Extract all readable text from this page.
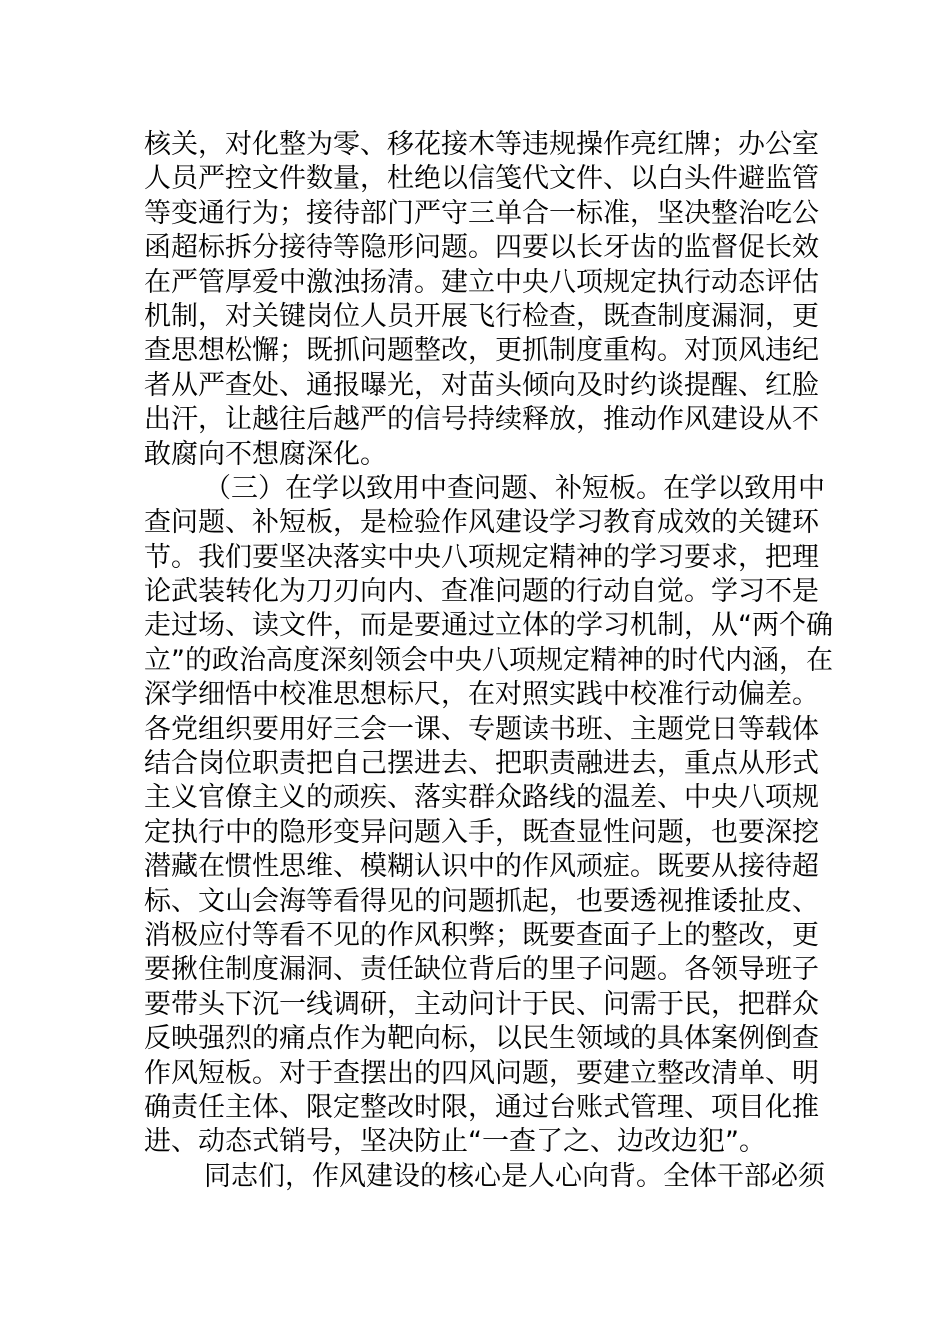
核关，对化整为零、移花接木等违规操作亮红牌；办公室
人员严控文件数量，杜绝以信笺代文件、以白头件避监管
等变通行为；接待部门严守三单合一标准，坚决整治吃公
函超标拆分接待等隐形问题。四要以长牙齿的监督促长效
在严管厚爱中激浊扬清。建立中央八项规定执行动态评估
机制，对关键岗位人员开展飞行检查，既查制度漏洞，更
查思想松懈；既抓问题整改，更抓制度重构。对顶风违纪
者从严查处、通报曝光，对苗头倾向及时约谈提醒、红脸
出汗，让越往后越严的信号持续释放，推动作风建设从不
敢腐向不想腐深化。
（三）在学以致用中查问题、补短板。在学以致用中
查问题、补短板，是检验作风建设学习教育成效的关键环
节。我们要坚决落实中央八项规定精神的学习要求，把理
论武装转化为刀刃向内、查准问题的行动自觉。学习不是
走过场、读文件，而是要通过立体的学习机制，从“两个确
立”的政治高度深刻领会中央八项规定精神的时代内涵，在
深学细悟中校准思想标尺，在对照实践中校准行动偏差。
各党组织要用好三会一课、专题读书班、主题党日等载体
结合岗位职责把自己摆进去、把职责融进去，重点从形式
主义官僚主义的顽疾、落实群众路线的温差、中央八项规
定执行中的隐形变异问题入手，既查显性问题，也要深挖
潜藏在惯性思维、模糊认识中的作风顽症。既要从接待超
标、文山会海等看得见的问题抓起，也要透视推诿扯皮、
消极应付等看不见的作风积弊；既要查面子上的整改，更
要揪住制度漏洞、责任缺位背后的里子问题。各领导班子
要带头下沉一线调研，主动问计于民、问需于民，把群众
反映强烈的痛点作为靶向标，以民生领域的具体案例倒查
作风短板。对于查摆出的四风问题，要建立整改清单、明
确责任主体、限定整改时限，通过台账式管理、项目化推
进、动态式销号，坚决防止“一查了之、边改边犯”。
同志们，作风建设的核心是人心向背。全体干部必须
